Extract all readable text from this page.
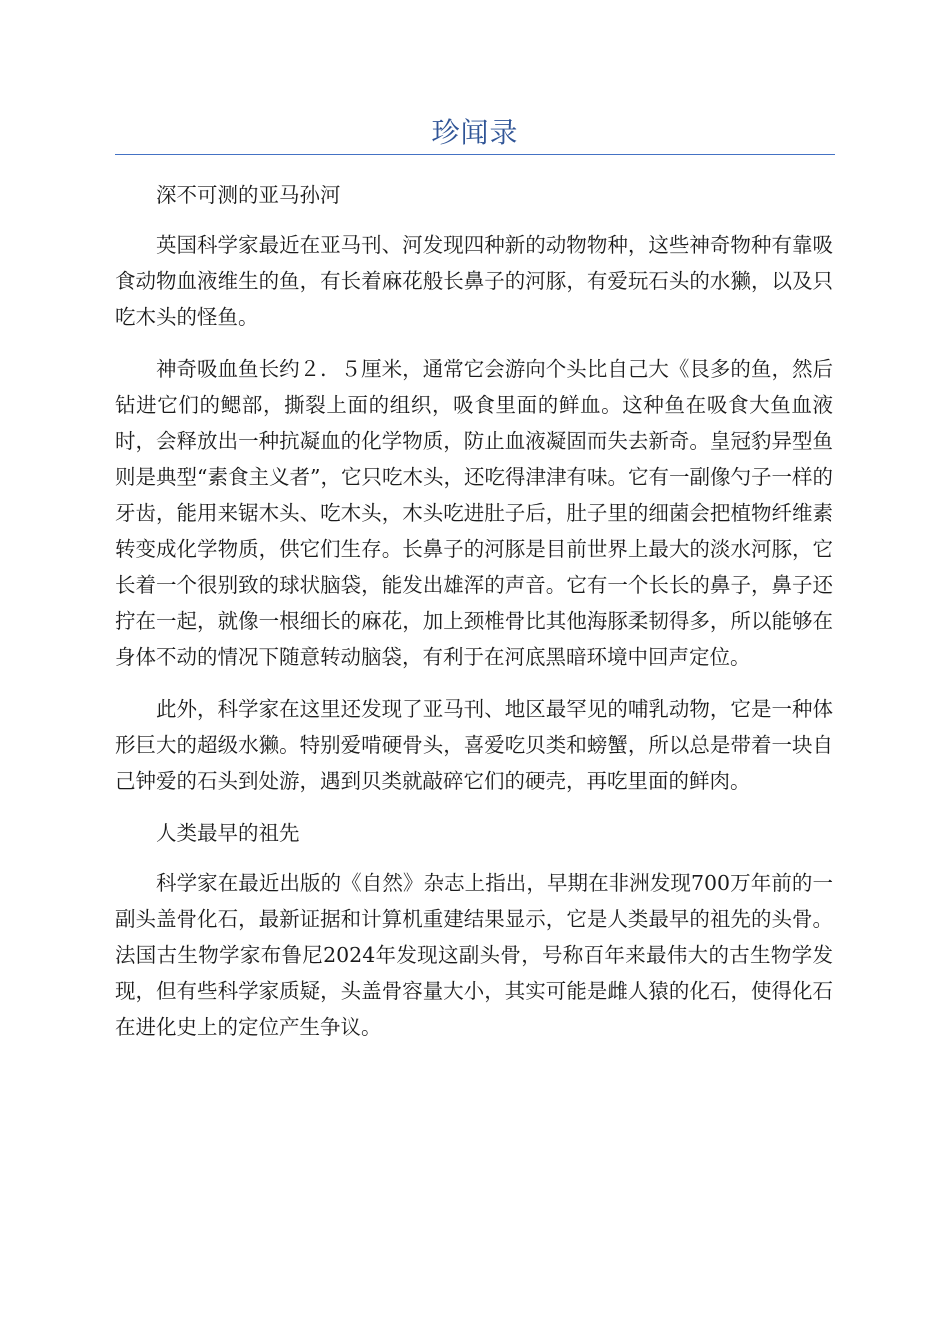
珍闻录

深不可测的亚马孙河

英国科学家最近在亚马刊、河发现四种新的动物物种，这些神奇物种有靠吸食动物血液维生的鱼，有长着麻花般长鼻子的河豚，有爱玩石头的水獭，以及只吃木头的怪鱼。

神奇吸血鱼长约２．５厘米，通常它会游向个头比自己大《艮多的鱼，然后钻进它们的鳃部，撕裂上面的组织，吸食里面的鲜血。这种鱼在吸食大鱼血液时，会释放出一种抗凝血的化学物质，防止血液凝固而失去新奇。皇冠豹异型鱼则是典型“素食主义者”，它只吃木头，还吃得津津有味。它有一副像勺子一样的牙齿，能用来锯木头、吃木头，木头吃进肚子后，肚子里的细菌会把植物纤维素转变成化学物质，供它们生存。长鼻子的河豚是目前世界上最大的淡水河豚，它长着一个很别致的球状脑袋，能发出雄浑的声音。它有一个长长的鼻子，鼻子还拧在一起，就像一根细长的麻花，加上颈椎骨比其他海豚柔韧得多，所以能够在身体不动的情况下随意转动脑袋，有利于在河底黑暗环境中回声定位。

此外，科学家在这里还发现了亚马刊、地区最罕见的哺乳动物，它是一种体形巨大的超级水獭。特别爱啃硬骨头，喜爱吃贝类和螃蟹，所以总是带着一块自己钟爱的石头到处游，遇到贝类就敲碎它们的硬壳，再吃里面的鲜肉。

人类最早的祖先

科学家在最近出版的《自然》杂志上指出，早期在非洲发现700万年前的一副头盖骨化石，最新证据和计算机重建结果显示，它是人类最早的祖先的头骨。法国古生物学家布鲁尼2024年发现这副头骨，号称百年来最伟大的古生物学发现，但有些科学家质疑，头盖骨容量大小，其实可能是雌人猿的化石，使得化石在进化史上的定位产生争议。
